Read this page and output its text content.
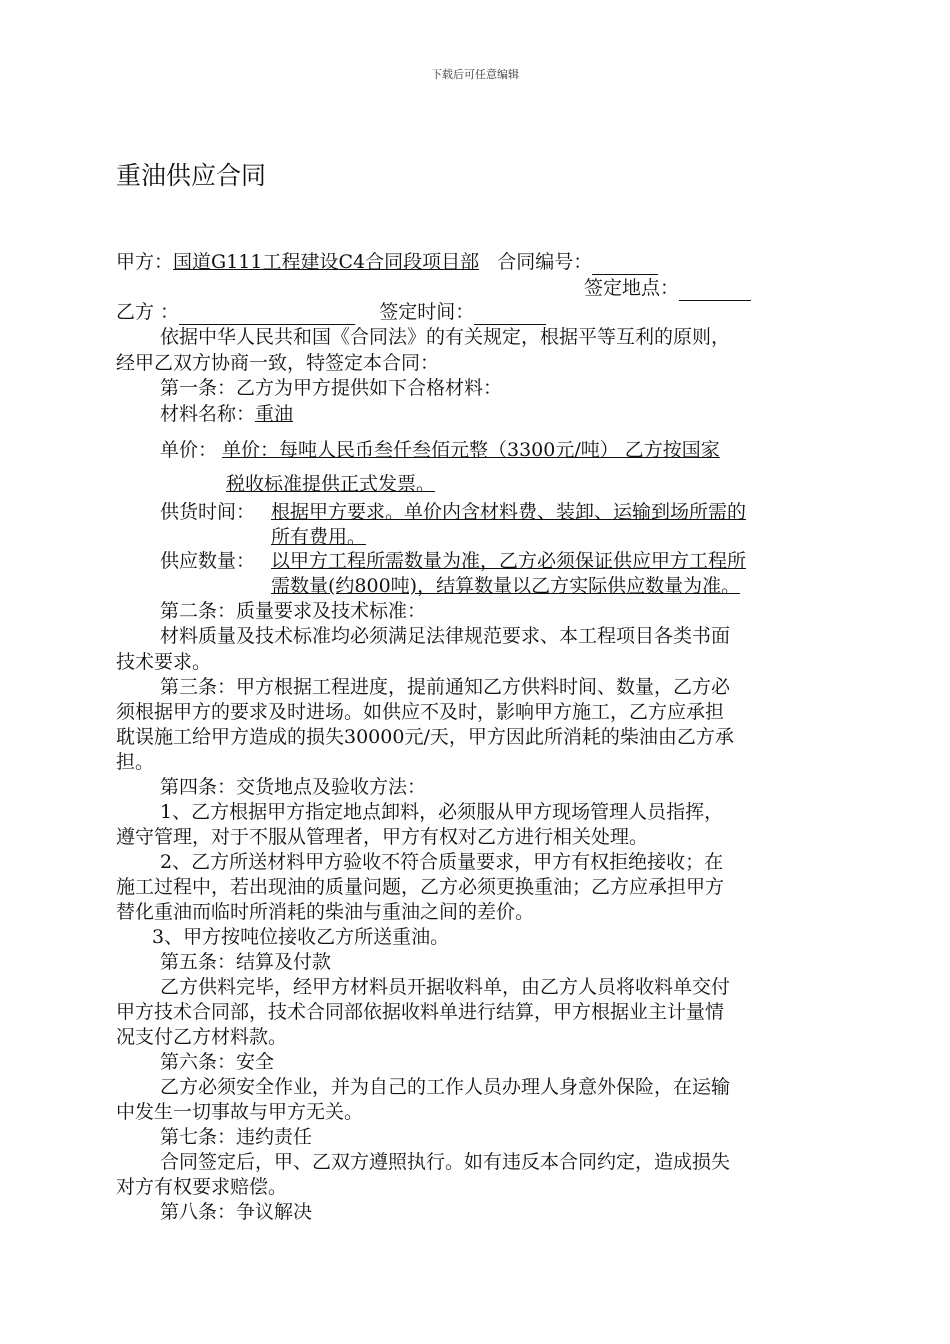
下载后可任意编辑
重油供应合同
甲方：国道G111工程建设C4合同段项目部 合同编号：
签定地点：
乙方 ：	签定时间：
依据中华人民共和国《合同法》的有关规定，根据平等互利的原则，
经甲乙双方协商一致，特签定本合同：
第一条：乙方为甲方提供如下合格材料：
材料名称：重油
单价： 单价：每吨人民币叁仟叁佰元整（3300元/吨） 乙方按国家
税收标准提供正式发票。
供货时间： 根据甲方要求。单价内含材料费、装卸、运输到场所需的
所有费用。
供应数量： 以甲方工程所需数量为准，乙方必须保证供应甲方工程所
需数量(约800吨)，结算数量以乙方实际供应数量为准。
第二条：质量要求及技术标准：
材料质量及技术标准均必须满足法律规范要求、本工程项目各类书面
技术要求。
第三条：甲方根据工程进度，提前通知乙方供料时间、数量，乙方必
须根据甲方的要求及时进场。如供应不及时，影响甲方施工，乙方应承担
耽误施工给甲方造成的损失30000元/天，甲方因此所消耗的柴油由乙方承
担。
第四条：交货地点及验收方法：
1、乙方根据甲方指定地点卸料，必须服从甲方现场管理人员指挥，
遵守管理，对于不服从管理者，甲方有权对乙方进行相关处理。
2、乙方所送材料甲方验收不符合质量要求，甲方有权拒绝接收；在
施工过程中，若出现油的质量问题，乙方必须更换重油；乙方应承担甲方
替化重油而临时所消耗的柴油与重油之间的差价。
3、甲方按吨位接收乙方所送重油。
第五条：结算及付款
乙方供料完毕，经甲方材料员开据收料单，由乙方人员将收料单交付
甲方技术合同部，技术合同部依据收料单进行结算，甲方根据业主计量情
况支付乙方材料款。
第六条：安全
乙方必须安全作业，并为自己的工作人员办理人身意外保险，在运输
中发生一切事故与甲方无关。
第七条：违约责任
合同签定后，甲、乙双方遵照执行。如有违反本合同约定，造成损失
对方有权要求赔偿。
第八条：争议解决
